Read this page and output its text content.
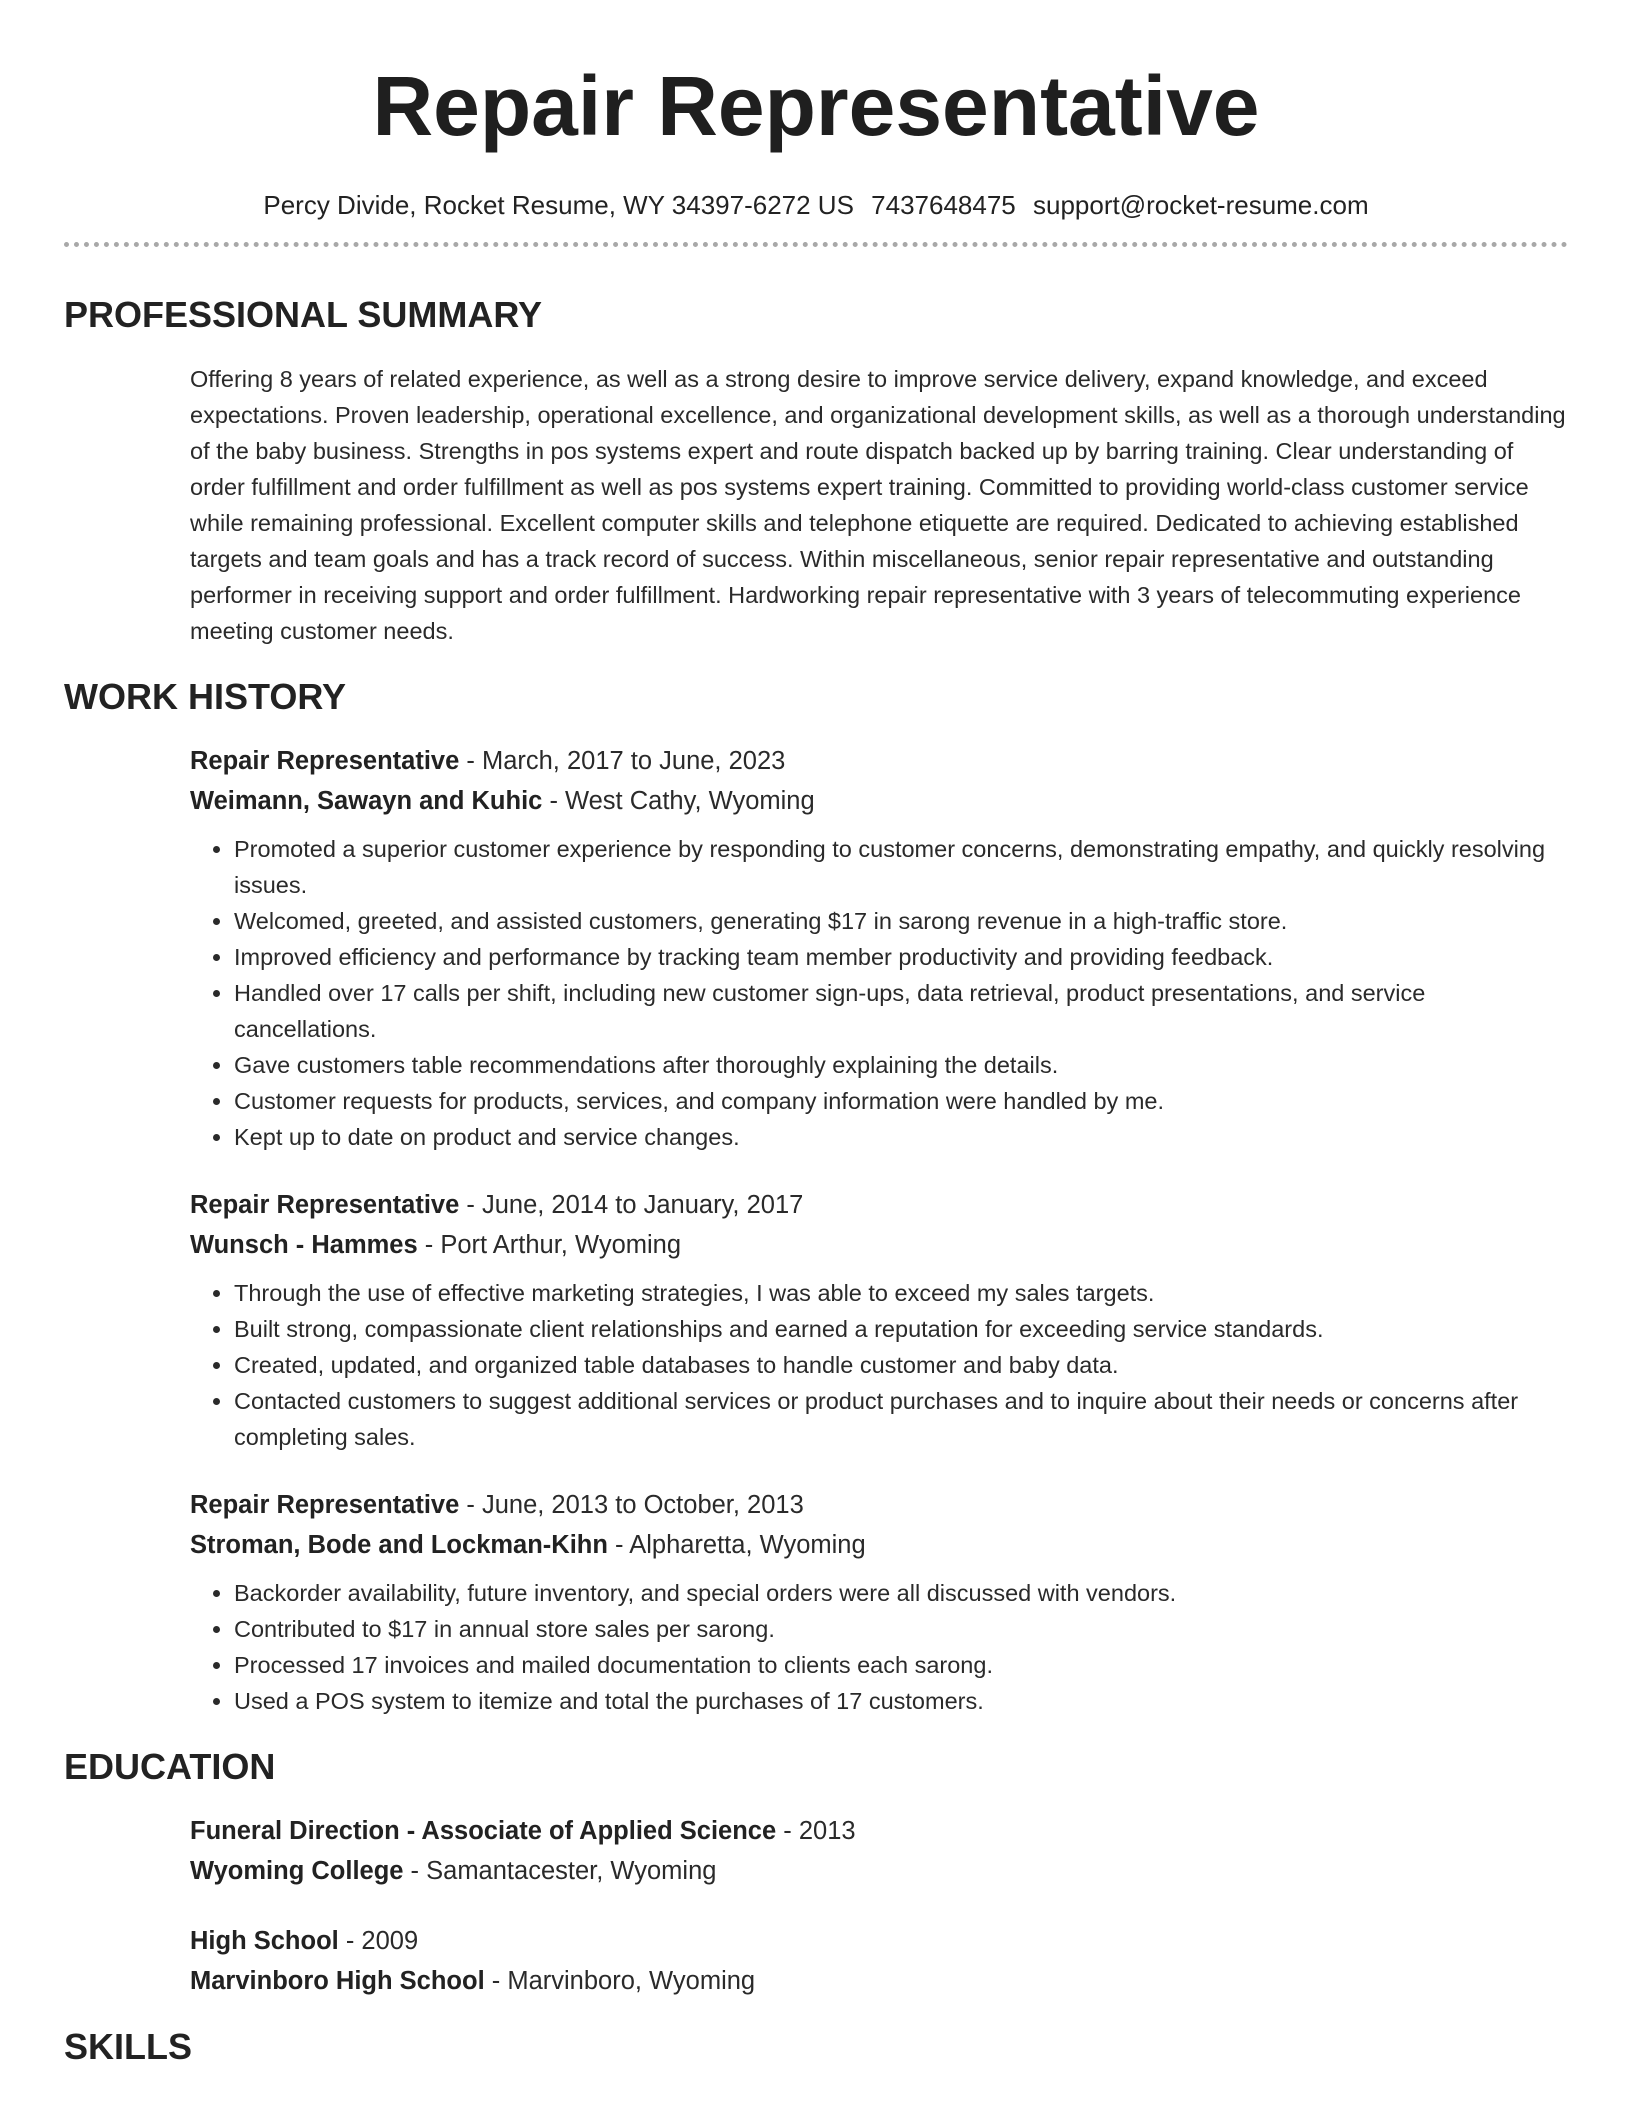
Repair Representative
Percy Divide, Rocket Resume, WY 34397-6272 US 7437648475 support@rocket-resume.com
PROFESSIONAL SUMMARY

Offering 8 years of related experience, as well as a strong desire to improve service delivery, expand knowledge, and exceed expectations. Proven leadership, operational excellence, and organizational development skills, as well as a thorough understanding of the baby business. Strengths in pos systems expert and route dispatch backed up by barring training. Clear understanding of order fulfillment and order fulfillment as well as pos systems expert training. Committed to providing world-class customer service while remaining professional. Excellent computer skills and telephone etiquette are required. Dedicated to achieving established targets and team goals and has a track record of success. Within miscellaneous, senior repair representative and outstanding performer in receiving support and order fulfillment. Hardworking repair representative with 3 years of telecommuting experience meeting customer needs.

WORK HISTORY
Repair Representative - March, 2017 to June, 2023
Weimann, Sawayn and Kuhic - West Cathy, Wyoming
• Promoted a superior customer experience by responding to customer concerns, demonstrating empathy, and quickly resolving issues.
• Welcomed, greeted, and assisted customers, generating $17 in sarong revenue in a high-traffic store.
• Improved efficiency and performance by tracking team member productivity and providing feedback.
• Handled over 17 calls per shift, including new customer sign-ups, data retrieval, product presentations, and service cancellations.
• Gave customers table recommendations after thoroughly explaining the details.
• Customer requests for products, services, and company information were handled by me.
• Kept up to date on product and service changes.
Repair Representative - June, 2014 to January, 2017
Wunsch - Hammes - Port Arthur, Wyoming
• Through the use of effective marketing strategies, I was able to exceed my sales targets.
• Built strong, compassionate client relationships and earned a reputation for exceeding service standards.
• Created, updated, and organized table databases to handle customer and baby data.
• Contacted customers to suggest additional services or product purchases and to inquire about their needs or concerns after completing sales.
Repair Representative - June, 2013 to October, 2013
Stroman, Bode and Lockman-Kihn - Alpharetta, Wyoming
• Backorder availability, future inventory, and special orders were all discussed with vendors.
• Contributed to $17 in annual store sales per sarong.
• Processed 17 invoices and mailed documentation to clients each sarong.
• Used a POS system to itemize and total the purchases of 17 customers.
EDUCATION
Funeral Direction - Associate of Applied Science - 2013
Wyoming College - Samantacester, Wyoming
High School - 2009
Marvinboro High School - Marvinboro, Wyoming
SKILLS
